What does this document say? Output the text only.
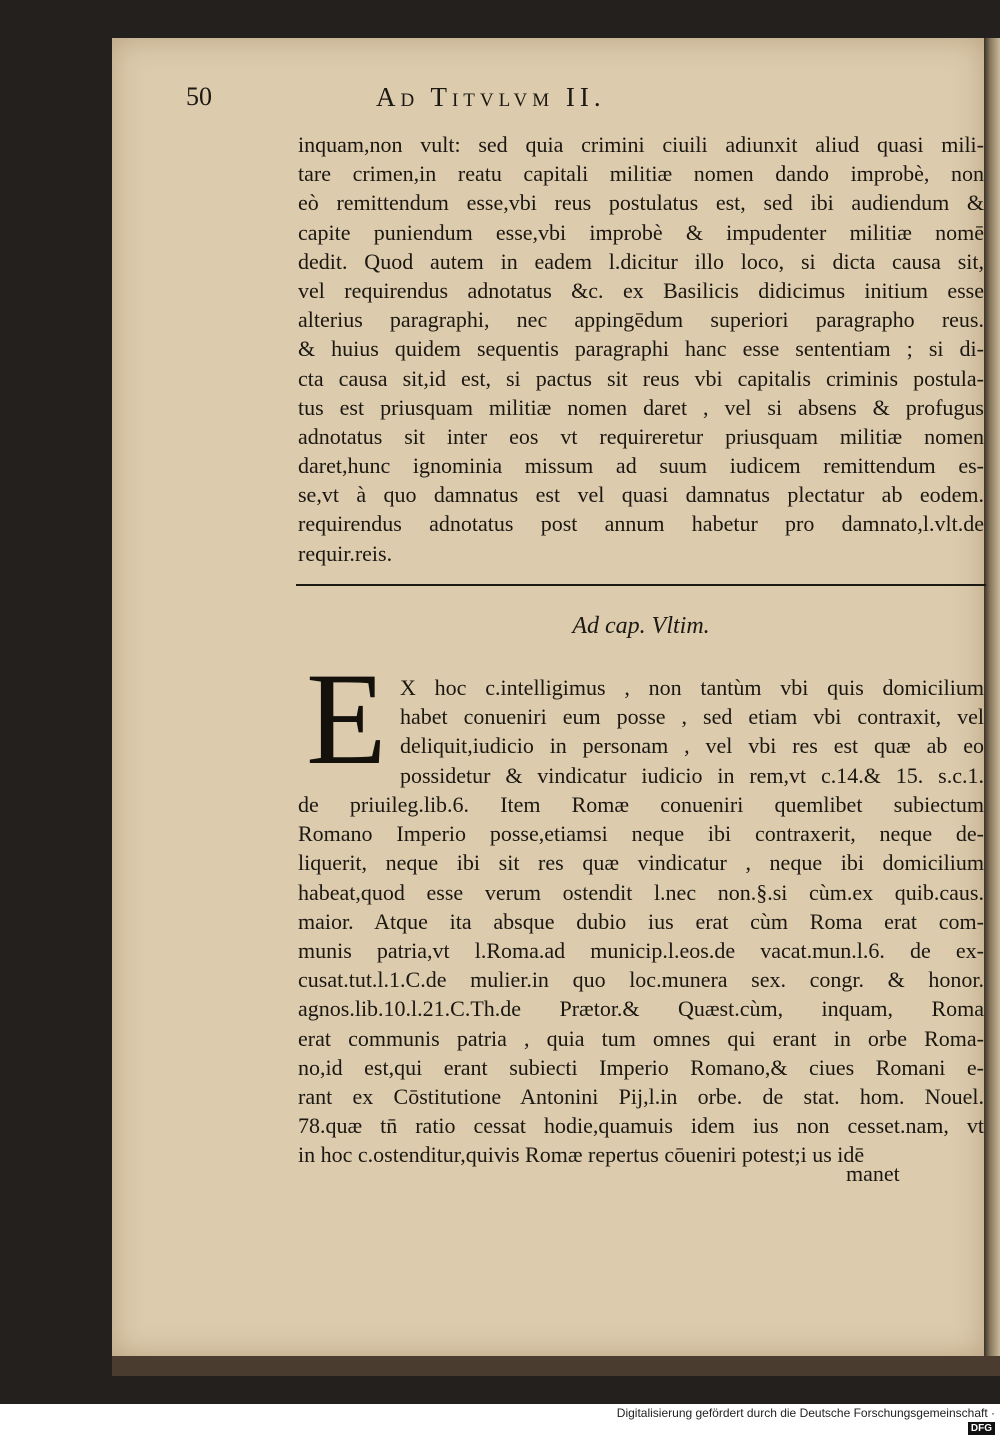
50	Ad Titvlvm II.
inquam,non vult: sed quia crimini ciuili adiunxit aliud quasi mili-
tare crimen,in reatu capitali militiæ nomen dando improbè, non
eò remittendum esse,vbi reus postulatus est, sed ibi audiendum &
capite puniendum esse,vbi improbè & impudenter militiæ nomē
dedit. Quod autem in eadem l.dicitur illo loco, si dicta causa sit,
vel requirendus adnotatus &c. ex Basilicis didicimus initium esse
alterius paragraphi, nec appingēdum superiori paragrapho reus.
& huius quidem sequentis paragraphi hanc esse sententiam ; si di-
cta causa sit,id est, si pactus sit reus vbi capitalis criminis postula-
tus est priusquam militiæ nomen daret , vel si absens & profugus
adnotatus sit inter eos vt requireretur priusquam militiæ nomen
daret,hunc ignominia missum ad suum iudicem remittendum es-
se,vt à quo damnatus est vel quasi damnatus plectatur ab eodem.
requirendus adnotatus post annum habetur pro damnato,l.vlt.de
requir.reis.
Ad cap. Vltim.
E X hoc c.intelligimus , non tantùm vbi quis domicilium
habet conueniri eum posse , sed etiam vbi contraxit, vel
deliquit,iudicio in personam , vel vbi res est quæ ab eo
possidetur & vindicatur iudicio in rem,vt c.14.& 15. s.c.1.
de priuileg.lib.6. Item Romæ conueniri quemlibet subiectum
Romano Imperio posse,etiamsi neque ibi contraxerit, neque de-
liquerit, neque ibi sit res quæ vindicatur , neque ibi domicilium
habeat,quod esse verum ostendit l.nec non.§.si cùm.ex quib.caus.
maior. Atque ita absque dubio ius erat cùm Roma erat com-
munis patria,vt l.Roma.ad municip.l.eos.de vacat.mun.l.6. de ex-
cusat.tut.l.1.C.de mulier.in quo loc.munera sex. congr. & honor.
agnos.lib.10.l.21.C.Th.de Prætor.& Quæst.cùm, inquam, Roma
erat communis patria , quia tum omnes qui erant in orbe Roma-
no,id est,qui erant subiecti Imperio Romano,& ciues Romani e-
rant ex Cōstitutione Antonini Pij,l.in orbe. de stat. hom. Nouel.
78.quæ tn̄ ratio cessat hodie,quamuis idem ius non cesset.nam, vt
in hoc c.ostenditur,quivis Romæ repertus cōueniri potest;i us idē
manet
Digitalisierung gefördert durch die Deutsche Forschungsgemeinschaft ·DFG
